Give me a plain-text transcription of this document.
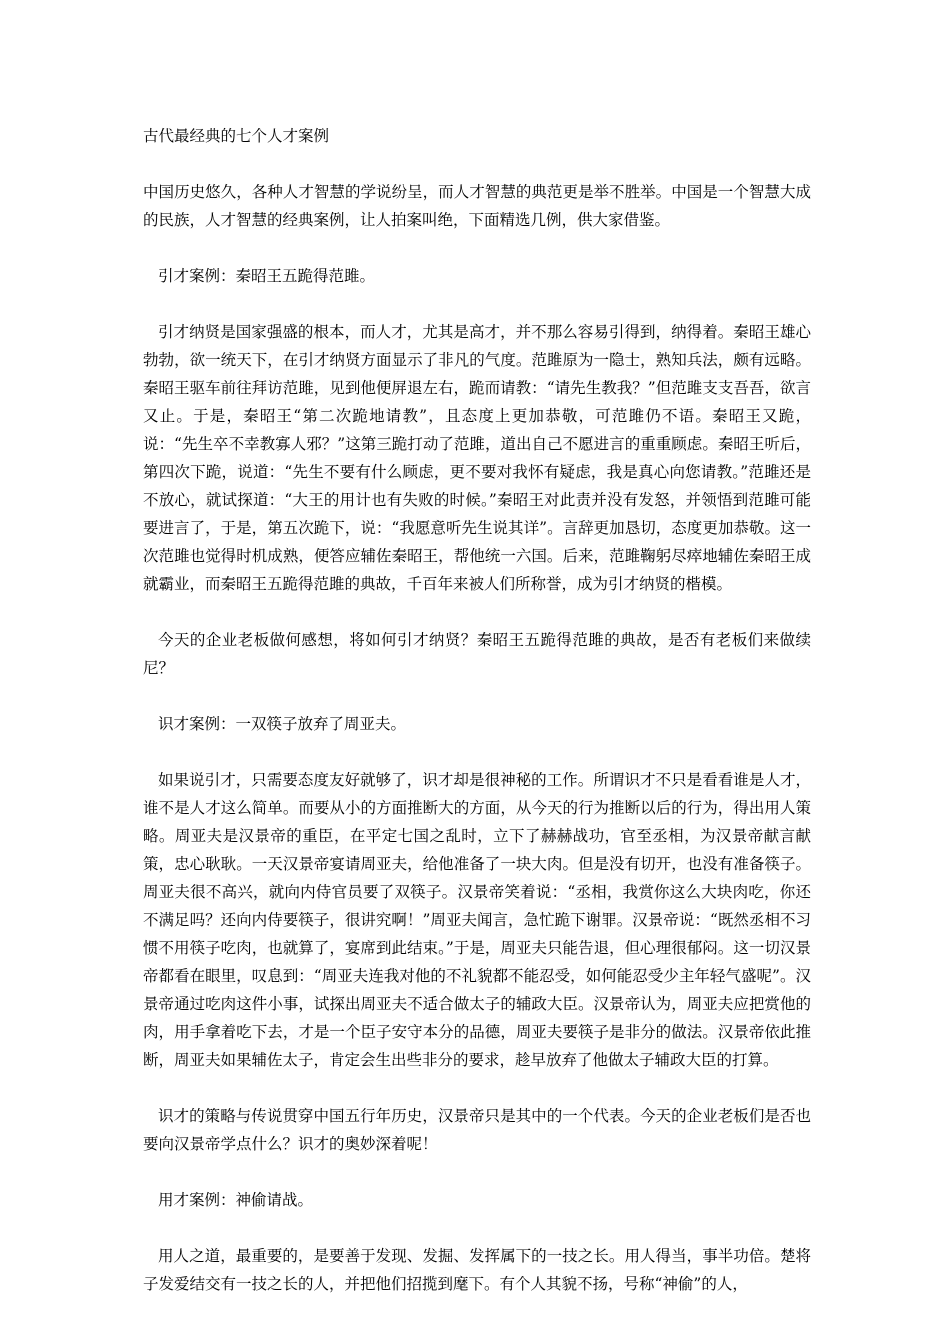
古代最经典的七个人才案例

中国历史悠久，各种人才智慧的学说纷呈，而人才智慧的典范更是举不胜举。中国是一个智慧大成的民族，人才智慧的经典案例，让人拍案叫绝，下面精选几例，供大家借鉴。

引才案例：秦昭王五跪得范雎。

引才纳贤是国家强盛的根本，而人才，尤其是高才，并不那么容易引得到，纳得着。秦昭王雄心勃勃，欲一统天下，在引才纳贤方面显示了非凡的气度。范雎原为一隐士，熟知兵法，颇有远略。秦昭王驱车前往拜访范雎，见到他便屏退左右，跪而请教：“请先生教我？”但范雎支支吾吾，欲言又止。于是，秦昭王“第二次跪地请教”，且态度上更加恭敬，可范雎仍不语。秦昭王又跪，说：“先生卒不幸教寡人邪？”这第三跪打动了范雎，道出自己不愿进言的重重顾虑。秦昭王听后，第四次下跪，说道：“先生不要有什么顾虑，更不要对我怀有疑虑，我是真心向您请教。”范雎还是不放心，就试探道：“大王的用计也有失败的时候。”秦昭王对此责并没有发怒，并领悟到范雎可能要进言了，于是，第五次跪下，说：“我愿意听先生说其详”。言辞更加恳切，态度更加恭敬。这一次范雎也觉得时机成熟，便答应辅佐秦昭王，帮他统一六国。后来，范雎鞠躬尽瘁地辅佐秦昭王成就霸业，而秦昭王五跪得范雎的典故，千百年来被人们所称誉，成为引才纳贤的楷模。

今天的企业老板做何感想，将如何引才纳贤？秦昭王五跪得范雎的典故，是否有老板们来做续尼？

识才案例：一双筷子放弃了周亚夫。

如果说引才，只需要态度友好就够了，识才却是很神秘的工作。所谓识才不只是看看谁是人才，谁不是人才这么简单。而要从小的方面推断大的方面，从今天的行为推断以后的行为，得出用人策略。周亚夫是汉景帝的重臣，在平定七国之乱时，立下了赫赫战功，官至丞相，为汉景帝献言献策，忠心耿耿。一天汉景帝宴请周亚夫，给他准备了一块大肉。但是没有切开，也没有准备筷子。周亚夫很不高兴，就向内侍官员要了双筷子。汉景帝笑着说：“丞相，我赏你这么大块肉吃，你还不满足吗？还向内侍要筷子，很讲究啊！”周亚夫闻言，急忙跪下谢罪。汉景帝说：“既然丞相不习惯不用筷子吃肉，也就算了，宴席到此结束。”于是，周亚夫只能告退，但心理很郁闷。这一切汉景帝都看在眼里，叹息到：“周亚夫连我对他的不礼貌都不能忍受，如何能忍受少主年轻气盛呢”。汉景帝通过吃肉这件小事，试探出周亚夫不适合做太子的辅政大臣。汉景帝认为，周亚夫应把赏他的肉，用手拿着吃下去，才是一个臣子安守本分的品德，周亚夫要筷子是非分的做法。汉景帝依此推断，周亚夫如果辅佐太子，肯定会生出些非分的要求，趁早放弃了他做太子辅政大臣的打算。

识才的策略与传说贯穿中国五行年历史，汉景帝只是其中的一个代表。今天的企业老板们是否也要向汉景帝学点什么？识才的奥妙深着呢！

用才案例：神偷请战。

用人之道，最重要的，是要善于发现、发掘、发挥属下的一技之长。用人得当，事半功倍。楚将子发爱结交有一技之长的人，并把他们招揽到麾下。有个人其貌不扬，号称“神偷”的人，
